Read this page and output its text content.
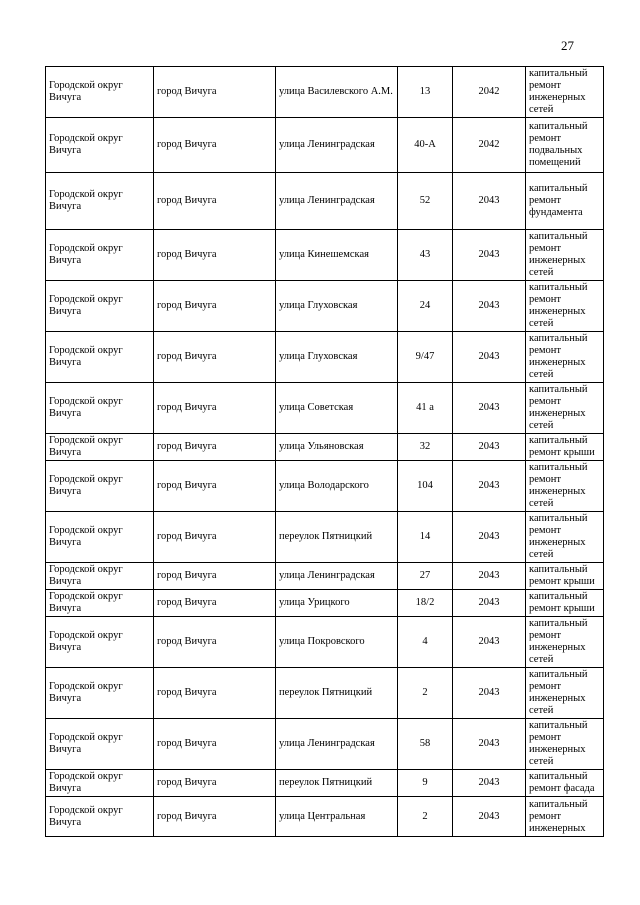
27
Городской округ Вичуга	город Вичуга	улица Василевского А.М.	13	2042	капитальный ремонт инженерных сетей
Городской округ Вичуга	город Вичуга	улица Ленинградская	40-А	2042	капитальный ремонт подвальных помещений
Городской округ Вичуга	город Вичуга	улица Ленинградская	52	2043	капитальный ремонт фундамента
Городской округ Вичуга	город Вичуга	улица Кинешемская	43	2043	капитальный ремонт инженерных сетей
Городской округ Вичуга	город Вичуга	улица Глуховская	24	2043	капитальный ремонт инженерных сетей
Городской округ Вичуга	город Вичуга	улица Глуховская	9/47	2043	капитальный ремонт инженерных сетей
Городской округ Вичуга	город Вичуга	улица Советская	41 а	2043	капитальный ремонт инженерных сетей
Городской округ Вичуга	город Вичуга	улица Ульяновская	32	2043	капитальный ремонт крыши
Городской округ Вичуга	город Вичуга	улица Володарского	104	2043	капитальный ремонт инженерных сетей
Городской округ Вичуга	город Вичуга	переулок Пятницкий	14	2043	капитальный ремонт инженерных сетей
Городской округ Вичуга	город Вичуга	улица Ленинградская	27	2043	капитальный ремонт крыши
Городской округ Вичуга	город Вичуга	улица Урицкого	18/2	2043	капитальный ремонт крыши
Городской округ Вичуга	город Вичуга	улица Покровского	4	2043	капитальный ремонт инженерных сетей
Городской округ Вичуга	город Вичуга	переулок Пятницкий	2	2043	капитальный ремонт инженерных сетей
Городской округ Вичуга	город Вичуга	улица Ленинградская	58	2043	капитальный ремонт инженерных сетей
Городской округ Вичуга	город Вичуга	переулок Пятницкий	9	2043	капитальный ремонт фасада
Городской округ Вичуга	город Вичуга	улица Центральная	2	2043	капитальный ремонт инженерных
